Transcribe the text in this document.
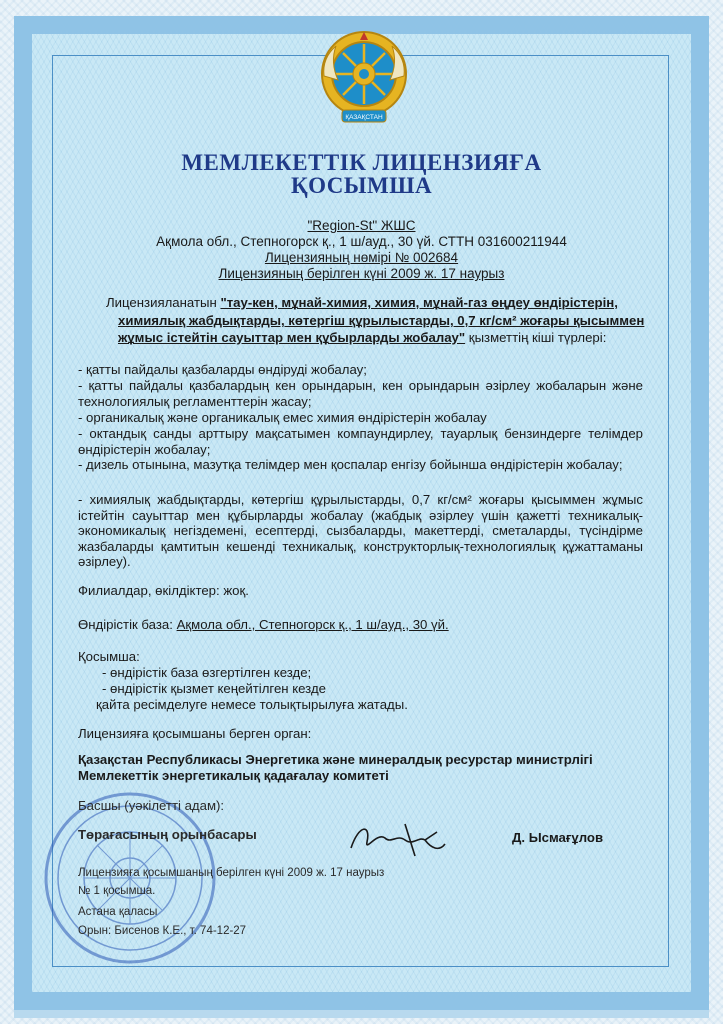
ҚАЗАҚСТАН
МЕМЛЕКЕТТІК ЛИЦЕНЗИЯҒА
ҚОСЫМША
"Region-St" ЖШС
Ақмола обл., Степногорск қ., 1 ш/ауд., 30 үй. СТТН 031600211944
Лицензияның нөмірі № 002684
Лицензияның берілген күні 2009 ж. 17 наурыз
Лицензияланатын "тау-кен, мұнай-химия, химия, мұнай-газ өңдеу өндірістерін,
химиялық жабдықтарды, көтергіш құрылыстарды, 0,7 кг/см² жоғары қысыммен
жұмыс істейтін сауыттар мен құбырларды жобалау" қызметтің кіші түрлері:
- қатты пайдалы қазбаларды өндіруді жобалау;
- қатты пайдалы қазбалардың кен орындарын, кен орындарын әзірлеу жобаларын жәнe технологиялық регламенттерін жасау;
- органикалық және органикалық емес химия өндірістерін жобалау
- октандық санды арттыру мақсатымен компаундирлеу, тауарлық бензиндерге телімдер өндірістерін жобалау;
- дизель отынына, мазутқа телімдер мен қоспалар енгізу бойынша өндірістерін жобалау;
- химиялық жабдықтарды, көтергіш құрылыстарды, 0,7 кг/см² жоғары қысыммен жұмыс істейтін сауыттар мен құбырларды жобалау (жабдық әзірлеу үшін қажетті техникалық-экономикалық негіздемені, есептерді, сызбаларды, макеттерді, сметаларды, түсіндірме жазбаларды қамтитын кешенді техникалық, конструкторлық-технологиялық құжаттаманы әзірлеу).
Филиалдар, өкілдіктер: жоқ.
Өндірістік база: Ақмола обл., Степногорск қ., 1 ш/ауд., 30 үй.
Қосымша:
- өндірістік база өзгертілген кезде;
- өндірістік қызмет кеңейтілген кезде
қайта ресімделуге немесе толықтырылуға жатады.
Лицензияға қосымшаны берген орган:
Қазақстан Республикасы Энергетика және минералдық ресурстар министрлігі
Мемлекеттік энергетикалық қадағалау комитеті
Басшы (уәкілетті адам):
Төрағасының орынбасары	Д. Ысмағұлов
Лицензияға қосымшаның берілген күні 2009 ж. 17 наурыз
№ 1 қосымша.
Астана қаласы
Орын: Бисенов К.Е., т. 74-12-27
